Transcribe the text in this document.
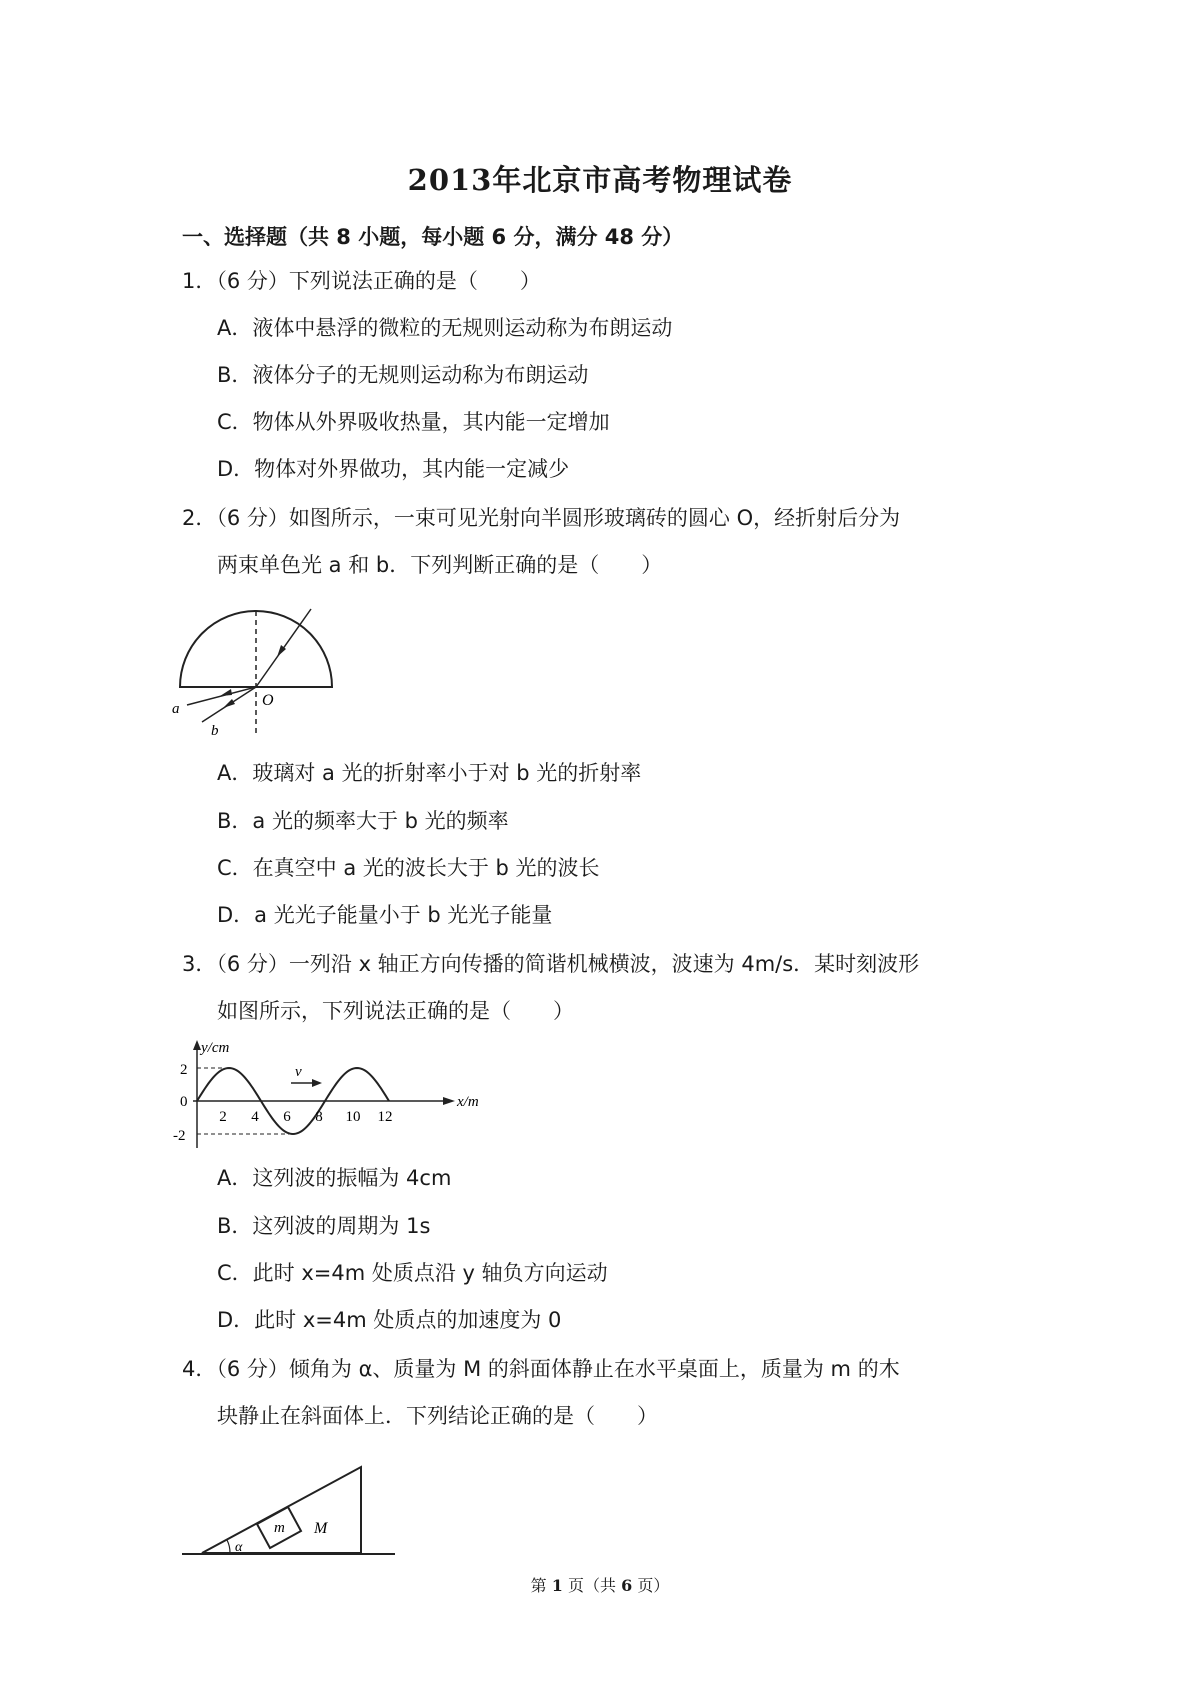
2013年北京市高考物理试卷
一、选择题（共 8 小题，每小题 6 分，满分 48 分）
1．（6 分）下列说法正确的是（　　）
A．液体中悬浮的微粒的无规则运动称为布朗运动
B．液体分子的无规则运动称为布朗运动
C．物体从外界吸收热量，其内能一定增加
D．物体对外界做功，其内能一定减少
2．（6 分）如图所示，一束可见光射向半圆形玻璃砖的圆心 O，经折射后分为
两束单色光 a 和 b．下列判断正确的是（　　）
O
a
b
A．玻璃对 a 光的折射率小于对 b 光的折射率
B．a 光的频率大于 b 光的频率
C．在真空中 a 光的波长大于 b 光的波长
D．a 光光子能量小于 b 光光子能量
3．（6 分）一列沿 x 轴正方向传播的简谐机械横波，波速为 4m/s．某时刻波形
如图所示，下列说法正确的是（　　）
v
y/cm
x/m
2
0
-2
2 4 6 8 10 12
A．这列波的振幅为 4cm
B．这列波的周期为 1s
C．此时 x=4m 处质点沿 y 轴负方向运动
D．此时 x=4m 处质点的加速度为 0
4．（6 分）倾角为 α、质量为 M 的斜面体静止在水平桌面上，质量为 m 的木
块静止在斜面体上．下列结论正确的是（　　）
m M
α
第 1 页（共 6 页）
